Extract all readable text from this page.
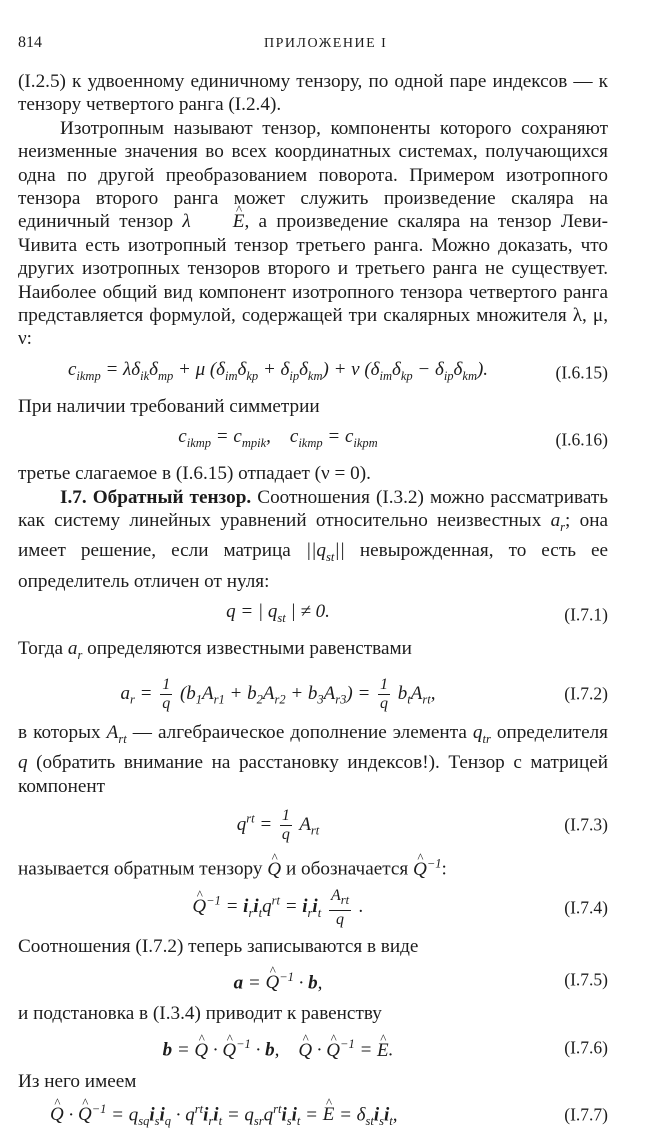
814	ПРИЛОЖЕНИЕ I

(I.2.5) к удвоенному единичному тензору, по одной паре индексов — к тензору четвертого ранга (I.2.4).

Изотропным называют тензор, компоненты которого сохраняют неизменные значения во всех координатных системах, получающихся одна по другой преобразованием поворота. Примером изотропного тензора второго ранга может служить произведение скаляра на единичный тензор λ^ E, а произведение скаляра на тензор Леви-Чивита есть изотропный тензор третьего ранга. Можно доказать, что других изотропных тензоров второго и третьего ранга не существует. Наиболее общий вид компонент изотропного тензора четвертого ранга представляется формулой, содержащей три скалярных множителя λ, μ, ν:

$c_{ikmp} = \lambda\delta_{ik}\delta_{mp} + \mu$ $(\delta_{im}\delta_{kp} + \delta_{ip}\delta_{km}) + \nu$ $(\delta_{im}\delta_{kp} - \delta_{ip}\delta_{km})$.	(I.6.15)

При наличии требований симметрии

$c_{ikmp} = c_{mpik}$,    $c_{ikmp} = c_{ikpm}$	(I.6.16)

третье слагаемое в (I.6.15) отпадает (ν = 0).

I.7. Обратный тензор. Соотношения (I.3.2) можно рассматривать как систему линейных уравнений относительно неизвестных $a_r$; она имеет решение, если матрица $||q_{st}||$ невырожденная, то есть ее определитель отличен от нуля:

q = | $q_{st}$ | ≠ 0.	(I.7.1)

Тогда $a_r$ определяются известными равенствами

$a_r = \frac{1}{q} (b_1A_{r1} + b_2A_{r2} + b_3A_{r3}) = \frac{1}{q} b_tA_{rt}$,	(I.7.2)

в которых $A_{rt}$ — алгебраическое дополнение элемента $q_{tr}$ определителя q (обратить внимание на расстановку индексов!). Тензор с матрицей компонент

$q^{rt} = \frac{1}{q} A_{rt}$	(I.7.3)

называется обратным тензору ^ Q и обозначается ^ $Q^{-1}$:

^ $Q^{-1} = i_ri_tq^{rt} = i_ri_t$
$A_{rt}$
q
.	(I.7.4)

Соотношения (I.7.2) теперь записываются в виде

a = ^ $Q^{-1} \cdot b$,	(I.7.5)

и подстановка в (I.3.4) приводит к равенству

b = ^ Q · ^ $Q^{-1} \cdot b$,    ^ Q · ^ $Q^{-1}$ = ^ E.	(I.7.6)

Из него имеем

^ Q · ^ $Q^{-1} = q_{sq}i_si_q \cdot q^{rt}i_ri_t = q_{sr}q^{rt}i_si_t$ = ^ $E = \delta_{st}i_si_t$,	(I.7.7)
